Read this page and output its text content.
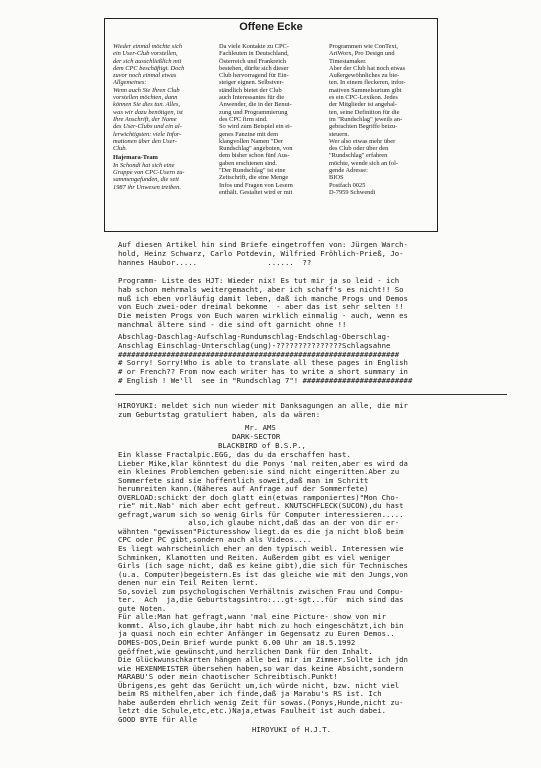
Offene Ecke
Wieder einmal möchte sich
ein User-Club vorstellen,
der sich ausschließlich mit
dem CPC beschäftigt. Doch
zuvor noch einmal etwas
Allgemeines:
Wenn auch Sie Ihren Club
vorstellen möchten, dann
können Sie dies tun. Alles,
was wir dazu benötigen, ist
Ihre Anschrift, der Name
des User-Clubs und ein al-
lerwichtigsten: viele Infor-
mationen über den User-
Club.
Hajemara-Team
In Schondi hat sich eine
Gruppe von CPC-Usern zu-
sammengefunden, die seit
1987 ihr Unwesen treiben.
Da viele Kontakte zu CPC-
Fachleuten in Deutschland,
Österreich und Frankreich
bestehen, dürfte sich dieser
Club hervorragend für Ein-
steiger eignen. Selbstver-
ständlich bietet der Club
auch Interessantes für die
Anwender, die in der Benut-
zung und Programmierung
des CPC firm sind.
So wird zum Beispiel ein ei-
genes Fanzine mit dem
klangvollen Namen "Der
Rundschlag" angeboten, von
dem bisher schon fünf Aus-
gaben erschienen sind.
"Der Rundschlag" ist eine
Zeitschrift, die eine Menge
Infos und Fragen von Lesern
enthält. Gestaltet wird er mit
Programmen wie ConText,
ArtWorx, Pro Design und
Timestamaker.
Aber der Club hat noch etwas
Außergewöhnliches zu bie-
ten. In einem fleckeren, infor-
mativen Sammelsurium gibt
es ein CPC-Lexikon. Jedes
der Mitglieder ist angehal-
ten, seine Definition für die
im "Rundschlag" jeweils an-
gebrachten Begriffe beizu-
steuern.
Wer also etwas mehr über
des Club oder über den
"Rundschlag" erfahren
möchte, wende sich an fol-
gende Adresse:
BIOS
Postfach 0025
D-7959 Schwendi
Auf diesen Artikel hin sind Briefe eingetroffen von: Jürgen Warch-
hold, Heinz Schwarz, Carlo Potdevin, Wilfried Fröhlich-Prieß, Jo-
hannes Haubor.....                ......  ??
Programm- Liste des HJT: Wieder nix! Es tut mir ja so leid - ich
hab schon mehrmals weitergemacht, aber ich schaff's es nicht!! So
muß ich eben vorläufig damit leben, daß ich manche Progs und Demos
von Euch zwei-oder dreimal bekomme  - aber das ist sehr selten !!
Die meisten Progs von Euch waren wirklich einmalig - auch, wenn es
manchmal ältere sind - die sind oft garnicht ohne !!
Abschlag-Daschlag-Aufschlag-Rundumschlag-Endschlag-Oberschlag-
Anschlag Einschlag-Unterschlag(ung)-???????????????Schlagsahne
################################################################
# Sorry! Sorry!Who is able to translate all these pages in English
# or French?? From now each writer has to write a short summary in
# English ! We'll  see in "Rundschlag 7"! #########################
HIROYUKI: meldet sich nun wieder mit Danksagungen an alle, die mir
zum Geburtstag gratuliert haben, als da wären:
Mr. AMS
DARK-SECTOR
BLACKBIRD of B.S.P.,
Ein klasse Fractalpic.EGG, das du da erschaffen hast.
Lieber Mike,klar könntest du die Ponys 'mal reiten,aber es wird da
ein kleines Problemchen geben:sie sind nicht eingeritten.Aber zu
Sommerfete sind sie hoffentlich soweit,daß man im Schritt
herumreiten kann.(Näheres auf Anfrage auf der Sommerfete)
OVERLOAD:schickt der doch glatt ein(etwas ramponiertes)"Mon Cho-
rie" mit.Nab' mich aber echt gefreut. KNUTSCHFLECK(SUCON),du hast
gefragt,warum sich so wenig Girls für Computer interessieren.....
also,ich glaube nicht,daß das an der von dir er-
wähnten "gewissen"Picturesshow liegt.da es die ja nicht bloß beim
CPC oder PC gibt,sondern auch als Videos....
Es liegt wahrscheinlich eher an den typisch weibl. Interessen wie
Schminken, Klamotten und Reiten. Außerdem gibt es viel weniger
Girls (ich sage nicht, daß es keine gibt),die sich für Technisches
(u.a. Computer)begeistern.Es ist das gleiche wie mit den Jungs,von
denen nur ein Teil Reiten lernt.
So,soviel zum psychologischen Verhältnis zwischen Frau und Compu-
ter.  Ach  ja,die Geburtstagsintro:...gt-sgt...für  mich sind das
gute Noten.
Für alle:Man hat gefragt,wann 'mal eine Picture- show von mir
kommt. Also,ich glaube,ihr habt mich zu hoch eingeschätzt,ich bin
ja quasi noch ein echter Anfänger im Gegensatz zu Euren Demos..
DOMES-DOS,Dein Brief wurde punkt 6.00 Uhr am 18.5.1992
geöffnet,wie gewünscht,und herzlichen Dank für den Inhalt.
Die Glückwunschkarten hängen alle bei mir im Zimmer.Sollte ich jdn
wie HEXENMEISTER übersehen haben,so war das keine Absicht,sondern
MARABU'S oder mein chaotischer Schreibtisch.Punkt!
Übrigens,es geht das Gerücht um,ich würde nicht, bzw. nicht viel
beim RS mithelfen,aber ich finde,daß ja Marabu's RS ist. Ich
habe außerdem ehrlich wenig Zeit für sowas.(Ponys,Hunde,nicht zu-
letzt die Schule,etc,etc.)Naja,etwas Faulheit ist auch dabei.
GOOD BYTE für Alle
HIROYUKI of H.J.T.
